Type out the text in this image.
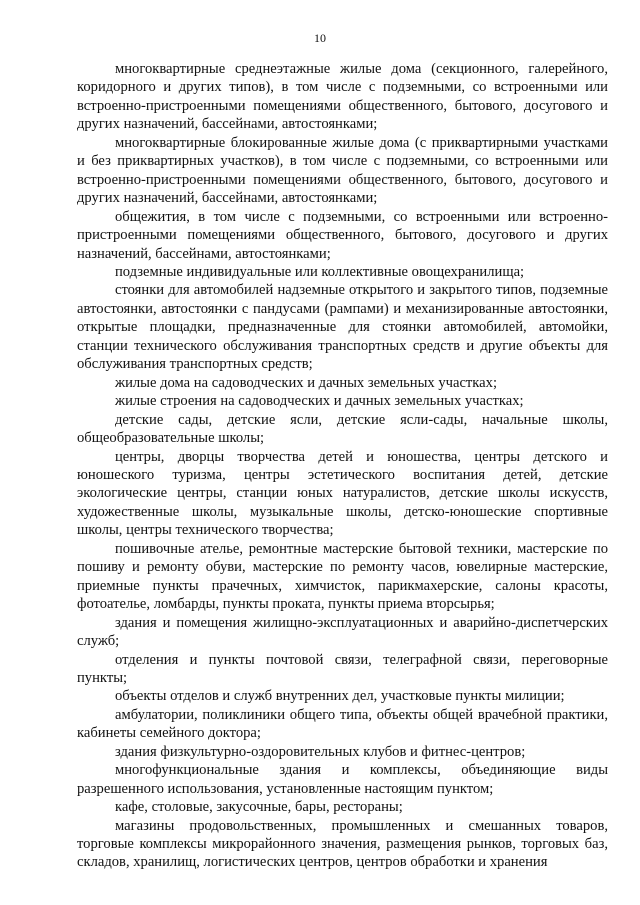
10

многоквартирные среднеэтажные жилые дома (секционного, галерейного, коридорного и других типов), в том числе с подземными, со встроенными или встроенно-пристроенными помещениями общественного, бытового, досугового и других назначений, бассейнами, автостоянками;

многоквартирные блокированные жилые дома (с приквартирными участками и без приквартирных участков), в том числе с подземными, со встроенными или встроенно-пристроенными помещениями общественного, бытового, досугового и других назначений, бассейнами, автостоянками;

общежития, в том числе с подземными, со встроенными или встроенно-пристроенными помещениями общественного, бытового, досугового и других назначений, бассейнами, автостоянками;

подземные индивидуальные или коллективные овощехранилища;

стоянки для автомобилей надземные открытого и закрытого типов, подземные автостоянки, автостоянки с пандусами (рампами) и механизированные автостоянки, открытые площадки, предназначенные для стоянки автомобилей, автомойки, станции технического обслуживания транспортных средств и другие объекты для обслуживания транспортных средств;

жилые дома на садоводческих и дачных земельных участках;

жилые строения на садоводческих и дачных земельных участках;

детские сады, детские ясли, детские ясли-сады, начальные школы, общеобразовательные школы;

центры, дворцы творчества детей и юношества, центры детского и юношеского туризма, центры эстетического воспитания детей, детские экологические центры, станции юных натуралистов, детские школы искусств, художественные школы, музыкальные школы, детско-юношеские спортивные школы, центры технического творчества;

пошивочные ателье, ремонтные мастерские бытовой техники, мастерские по пошиву и ремонту обуви, мастерские по ремонту часов, ювелирные мастерские, приемные пункты прачечных, химчисток, парикмахерские, салоны красоты, фотоателье, ломбарды, пункты проката, пункты приема вторсырья;

здания и помещения жилищно-эксплуатационных и аварийно-диспетчерских служб;

отделения и пункты почтовой связи, телеграфной связи, переговорные пункты;

объекты отделов и служб внутренних дел, участковые пункты милиции;

амбулатории, поликлиники общего типа, объекты общей врачебной практики, кабинеты семейного доктора;

здания физкультурно-оздоровительных клубов и фитнес-центров;

многофункциональные здания и комплексы, объединяющие виды разрешенного использования, установленные настоящим пунктом;

кафе, столовые, закусочные, бары, рестораны;

магазины продовольственных, промышленных и смешанных товаров, торговые комплексы микрорайонного значения, размещения рынков, торговых баз, складов, хранилищ, логистических центров, центров обработки и хранения
